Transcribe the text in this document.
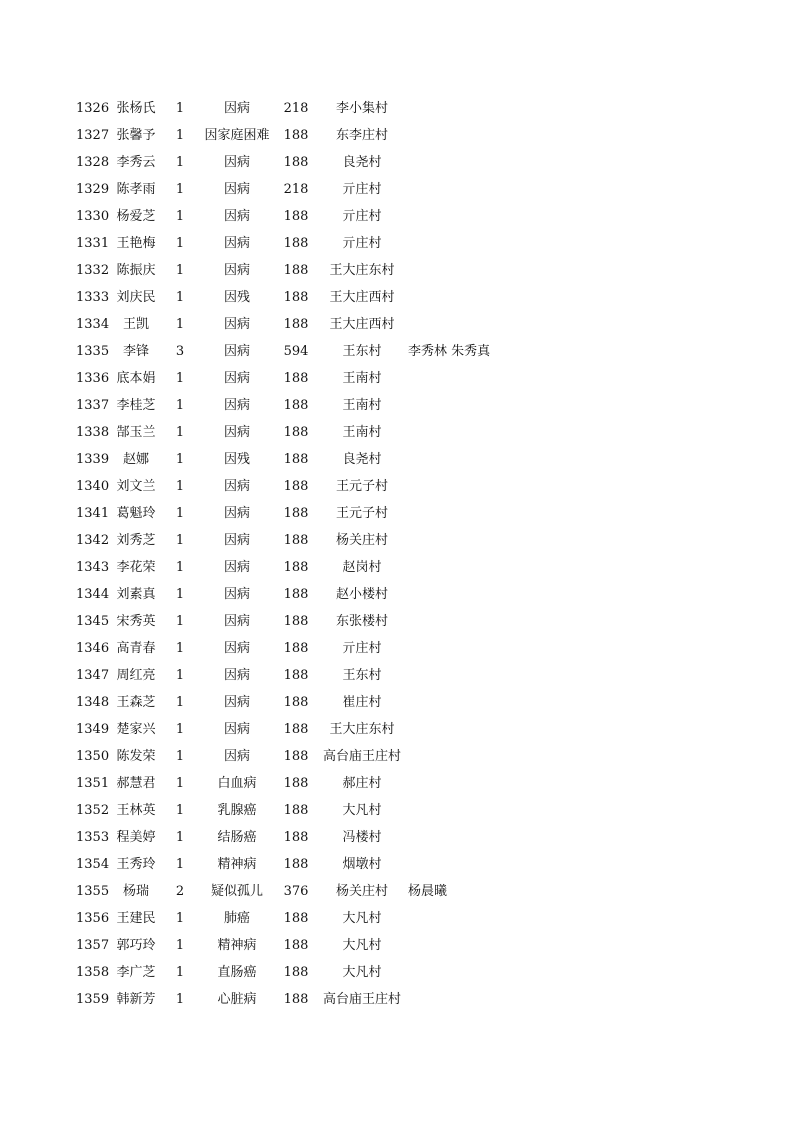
1326 张杨氏 1	因病	218	李小集村
1327 张馨予 1	因家庭困难	188	东李庄村
1328 李秀云 1	因病	188	良尧村
1329 陈孝雨 1	因病	218	亓庄村
1330 杨爱芝 1	因病	188	亓庄村
1331 王艳梅 1	因病	188	亓庄村
1332 陈振庆 1	因病	188	王大庄东村
1333 刘庆民 1	因残	188	王大庄西村
1334	王凯	1	因病	188	王大庄西村
1335	李锋	3	因病	594	王东村	李秀林 朱秀真
1336 底本娟 1	因病	188	王南村
1337 李桂芝 1	因病	188	王南村
1338 郜玉兰 1	因病	188	王南村
1339	赵娜	1	因残	188	良尧村
1340 刘文兰 1	因病	188	王元子村
1341 葛魁玲 1	因病	188	王元子村
1342 刘秀芝 1	因病	188	杨关庄村
1343 李花荣 1	因病	188	赵岗村
1344 刘素真 1	因病	188	赵小楼村
1345 宋秀英 1	因病	188	东张楼村
1346 高青春 1	因病	188	亓庄村
1347 周红亮 1	因病	188	王东村
1348 王森芝 1	因病	188	崔庄村
1349 楚家兴 1	因病	188	王大庄东村
1350 陈发荣 1	因病	188	高台庙王庄村
1351 郝慧君 1	白血病	188	郝庄村
1352 王林英 1	乳腺癌	188	大凡村
1353 程美婷 1	结肠癌	188	冯楼村
1354 王秀玲 1	精神病	188	烟墩村
1355	杨瑞	2	疑似孤儿	376	杨关庄村	杨晨曦
1356 王建民 1	肺癌	188	大凡村
1357 郭巧玲 1	精神病	188	大凡村
1358 李广芝 1	直肠癌	188	大凡村
1359 韩新芳 1	心脏病	188	高台庙王庄村
